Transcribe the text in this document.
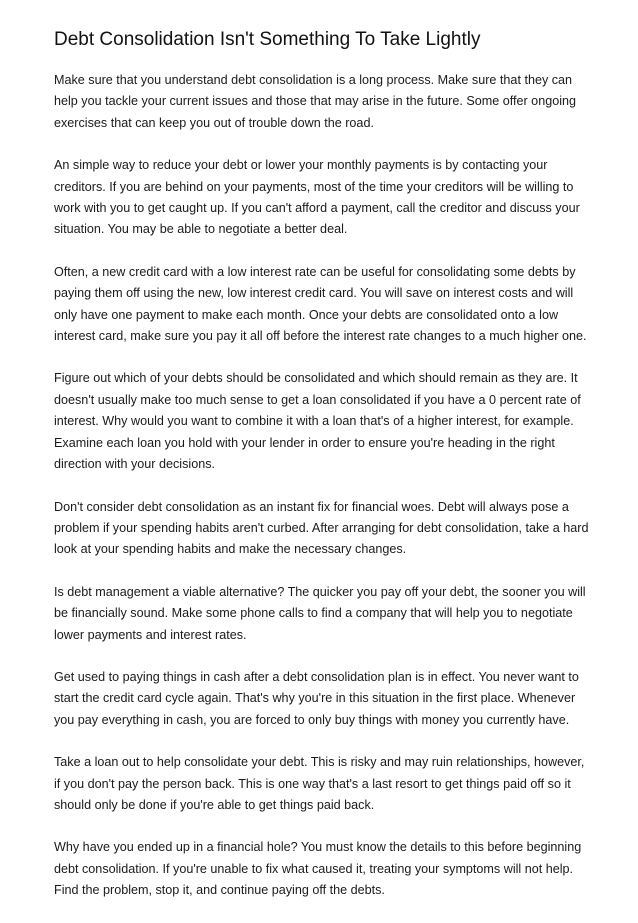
Debt Consolidation Isn't Something To Take Lightly

Make sure that you understand debt consolidation is a long process. Make sure that they can help you tackle your current issues and those that may arise in the future. Some offer ongoing exercises that can keep you out of trouble down the road.

An simple way to reduce your debt or lower your monthly payments is by contacting your creditors. If you are behind on your payments, most of the time your creditors will be willing to work with you to get caught up. If you can't afford a payment, call the creditor and discuss your situation. You may be able to negotiate a better deal.

Often, a new credit card with a low interest rate can be useful for consolidating some debts by paying them off using the new, low interest credit card. You will save on interest costs and will only have one payment to make each month. Once your debts are consolidated onto a low interest card, make sure you pay it all off before the interest rate changes to a much higher one.

Figure out which of your debts should be consolidated and which should remain as they are. It doesn't usually make too much sense to get a loan consolidated if you have a 0 percent rate of interest. Why would you want to combine it with a loan that's of a higher interest, for example. Examine each loan you hold with your lender in order to ensure you're heading in the right direction with your decisions.

Don't consider debt consolidation as an instant fix for financial woes. Debt will always pose a problem if your spending habits aren't curbed. After arranging for debt consolidation, take a hard look at your spending habits and make the necessary changes.

Is debt management a viable alternative? The quicker you pay off your debt, the sooner you will be financially sound. Make some phone calls to find a company that will help you to negotiate lower payments and interest rates.

Get used to paying things in cash after a debt consolidation plan is in effect. You never want to start the credit card cycle again. That's why you're in this situation in the first place. Whenever you pay everything in cash, you are forced to only buy things with money you currently have.

Take a loan out to help consolidate your debt. This is risky and may ruin relationships, however, if you don't pay the person back. This is one way that's a last resort to get things paid off so it should only be done if you're able to get things paid back.

Why have you ended up in a financial hole? You must know the details to this before beginning debt consolidation. If you're unable to fix what caused it, treating your symptoms will not help. Find the problem, stop it, and continue paying off the debts.
